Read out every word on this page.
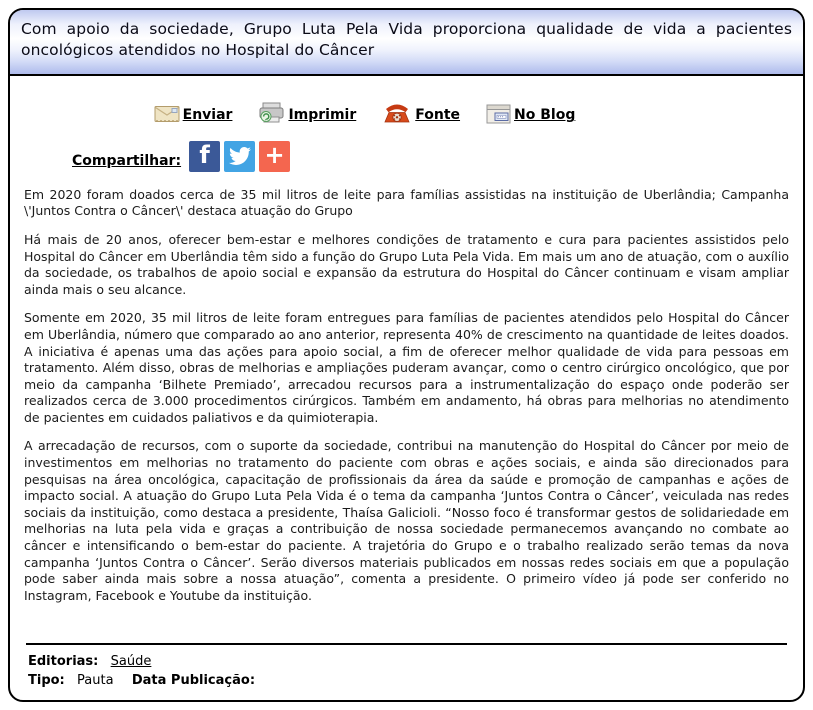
Com apoio da sociedade, Grupo Luta Pela Vida proporciona qualidade de vida a pacientes oncológicos atendidos no Hospital do Câncer
Enviar	Imprimir	Fonte	No Blog
Compartilhar: f +

Em 2020 foram doados cerca de 35 mil litros de leite para famílias assistidas na instituição de Uberlândia; Campanha \'Juntos Contra o Câncer\' destaca atuação do Grupo

Há mais de 20 anos, oferecer bem-estar e melhores condições de tratamento e cura para pacientes assistidos pelo Hospital do Câncer em Uberlândia têm sido a função do Grupo Luta Pela Vida. Em mais um ano de atuação, com o auxílio da sociedade, os trabalhos de apoio social e expansão da estrutura do Hospital do Câncer continuam e visam ampliar ainda mais o seu alcance.

Somente em 2020, 35 mil litros de leite foram entregues para famílias de pacientes atendidos pelo Hospital do Câncer em Uberlândia, número que comparado ao ano anterior, representa 40% de crescimento na quantidade de leites doados. A iniciativa é apenas uma das ações para apoio social, a fim de oferecer melhor qualidade de vida para pessoas em tratamento. Além disso, obras de melhorias e ampliações puderam avançar, como o centro cirúrgico oncológico, que por meio da campanha ‘Bilhete Premiado’, arrecadou recursos para a instrumentalização do espaço onde poderão ser realizados cerca de 3.000 procedimentos cirúrgicos. Também em andamento, há obras para melhorias no atendimento de pacientes em cuidados paliativos e da quimioterapia.

A arrecadação de recursos, com o suporte da sociedade, contribui na manutenção do Hospital do Câncer por meio de investimentos em melhorias no tratamento do paciente com obras e ações sociais, e ainda são direcionados para pesquisas na área oncológica, capacitação de profissionais da área da saúde e promoção de campanhas e ações de impacto social. A atuação do Grupo Luta Pela Vida é o tema da campanha ‘Juntos Contra o Câncer’, veiculada nas redes sociais da instituição, como destaca a presidente, Thaísa Galicioli. “Nosso foco é transformar gestos de solidariedade em melhorias na luta pela vida e graças a contribuição de nossa sociedade permanecemos avançando no combate ao câncer e intensificando o bem-estar do paciente. A trajetória do Grupo e o trabalho realizado serão temas da nova campanha ‘Juntos Contra o Câncer’. Serão diversos materiais publicados em nossas redes sociais em que a população pode saber ainda mais sobre a nossa atuação”, comenta a presidente. O primeiro vídeo já pode ser conferido no Instagram, Facebook e Youtube da instituição.

Editorias: Saúde
Tipo: Pauta Data Publicação:
